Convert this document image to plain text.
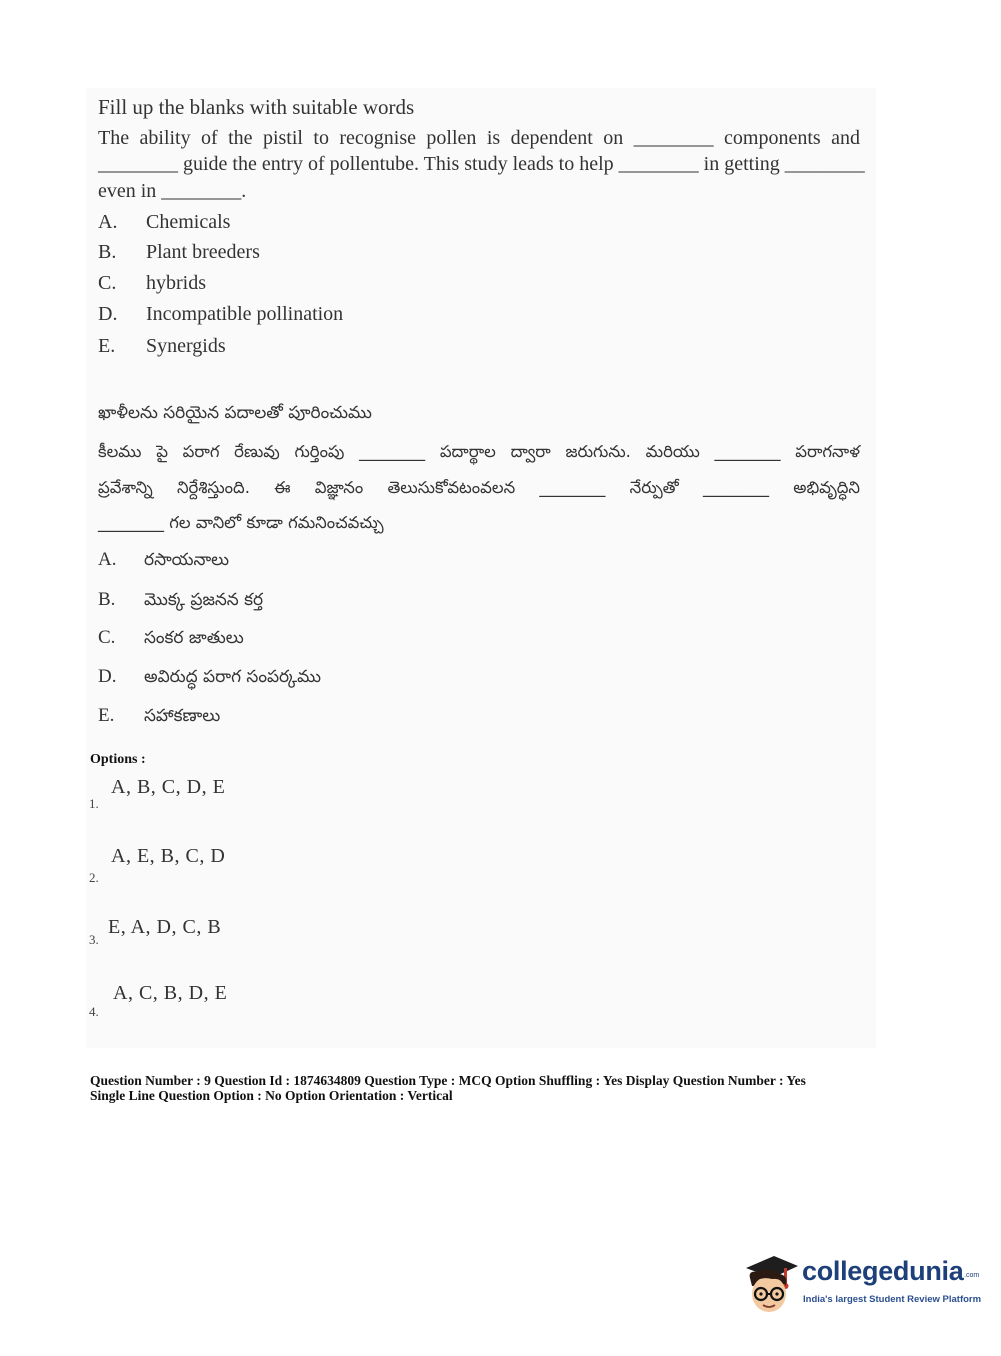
Fill up the blanks with suitable words
The ability of the pistil to recognise pollen is dependent on ________ components and
________ guide the entry of pollentube. This study leads to help ________ in getting ________
even in ________.
A. Chemicals
B. Plant breeders
C. hybrids
D. Incompatible pollination
E. Synergids
ఖాళీలను సరియైన పదాలతో పూరించుము
కీలము పై పరాగ రేణువు గుర్తింపు ________ పదార్థాల ద్వారా జరుగును. మరియు ________ పరాగనాళ
ప్రవేశాన్ని నిర్దేశిస్తుంది. ఈ విజ్ఞానం తెలుసుకోవటంవలన ________ నేర్పుతో ________ అభివృద్ధిని
________ గల వానిలో కూడా గమనించవచ్చు
A. రసాయనాలు
B. మొక్క ప్రజనన కర్త
C. సంకర జాతులు
D. అవిరుద్ధ పరాగ సంపర్కము
E. సహాకణాలు
Options :
1.
A, B, C, D, E
2.
A, E, B, C, D
3.
E, A, D, C, B
4.
A, C, B, D, E
Question Number : 9 Question Id : 1874634809 Question Type : MCQ Option Shuffling : Yes Display Question Number : Yes
Single Line Question Option : No Option Orientation : Vertical
collegedunia .com
India's largest Student Review Platform
